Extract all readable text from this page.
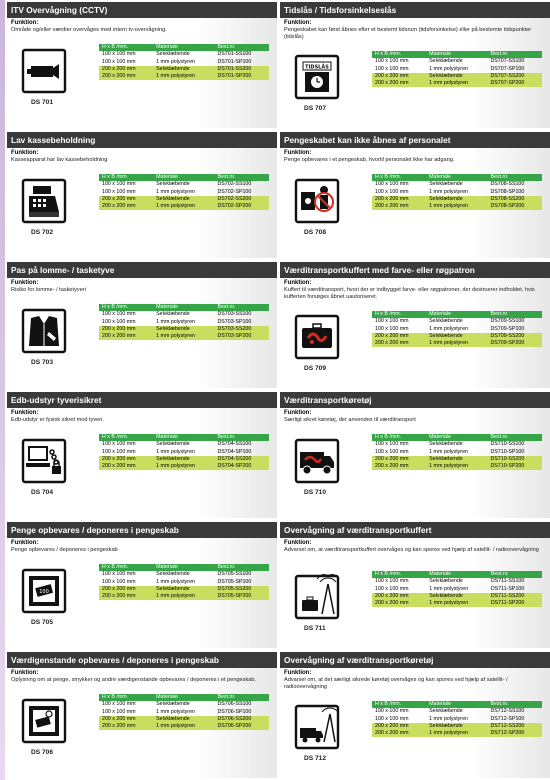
ITV Overvågning (CCTV)
Funktion:
Område og/eller værdier overvåges med intern tv-overvågning.
DS 701
H x B /mm.	Materiale	Best.nr.
100 x 100 mm	Selvklæbende	DS701-SS100
100 x 100 mm	1 mm polystyren	DS701-SP100
200 x 200 mm	Selvklæbende	DS701-SS200
200 x 200 mm	1 mm polystyren	DS701-SP200
Tidslås / Tidsforsinkelseslås
Funktion:
Pengeskabet kan først åbnes efter et bestemt tidsrum (tidsforsinkelse) eller på bestemte tidspunkter (tidslås)
TIDSLÅS
DS 707
H x B /mm.	Materiale	Best.nr.
100 x 100 mm	Selvklæbende	DS707-SS100
100 x 100 mm	1 mm polystyren	DS707-SP100
200 x 200 mm	Selvklæbende	DS707-SS200
200 x 200 mm	1 mm polystyren	DS707-SP200
Lav kassebeholdning
Funktion:
Kasseapparat har lav kassebeholdning
DS 702
H x B /mm.	Materiale	Best.nr.
100 x 100 mm	Selvklæbende	DS702-SS100
100 x 100 mm	1 mm polystyren	DS702-SP100
200 x 200 mm	Selvklæbende	DS702-SS200
200 x 200 mm	1 mm polystyren	DS702-SP200
Pengeskabet kan ikke åbnes af personalet
Funktion:
Penge opbevares i et pengeskab, hvortil personalet ikke har adgang.
DS 708
H x B /mm.	Materiale	Best.nr.
100 x 100 mm	Selvklæbende	DS708-SS100
100 x 100 mm	1 mm polystyren	DS708-SP100
200 x 200 mm	Selvklæbende	DS708-SS200
200 x 200 mm	1 mm polystyren	DS708-SP200
Pas på lomme- / tasketyve
Funktion:
Risiko for lomme- / tasketyveri
DS 703
H x B /mm.	Materiale	Best.nr.
100 x 100 mm	Selvklæbende	DS703-SS100
100 x 100 mm	1 mm polystyren	DS703-SP100
200 x 200 mm	Selvklæbende	DS703-SS200
200 x 200 mm	1 mm polystyren	DS703-SP200
Værditransportkuffert med farve- eller røgpatron
Funktion:
Kuffert til værditransport, hvori der er indbygget farve- eller røgpatroner, der destruerer indholdet, hvis kufferten forsøges åbnet uautoriseret.
DS 709
H x B /mm.	Materiale	Best.nr.
100 x 100 mm	Selvklæbende	DS709-SS100
100 x 100 mm	1 mm polystyren	DS709-SP100
200 x 200 mm	Selvklæbende	DS709-SS200
200 x 200 mm	1 mm polystyren	DS709-SP200
Edb-udstyr tyverisikret
Funktion:
Edb-udstyr er fysisk sikret mod tyveri.
DS 704
H x B /mm.	Materiale	Best.nr.
100 x 100 mm	Selvklæbende	DS704-SS100
100 x 100 mm	1 mm polystyren	DS704-SP100
200 x 200 mm	Selvklæbende	DS704-SS200
200 x 200 mm	1 mm polystyren	DS704-SP200
Værditransportkøretøj
Funktion:
Særligt sikret køretøj, der anvendes til værditransport
DS 710
H x B /mm.	Materiale	Best.nr.
100 x 100 mm	Selvklæbende	DS710-SS100
100 x 100 mm	1 mm polystyren	DS710-SP100
200 x 200 mm	Selvklæbende	DS710-SS200
200 x 200 mm	1 mm polystyren	DS710-SP200
Penge opbevares / deponeres i pengeskab
Funktion:
Penge opbevares / deponeres i pengeskab
100
DS 705
H x B /mm.	Materiale	Best.nr.
100 x 100 mm	Selvklæbende	DS705-SS100
100 x 100 mm	1 mm polystyren	DS705-SP100
200 x 200 mm	Selvklæbende	DS705-SS200
200 x 200 mm	1 mm polystyren	DS705-SP200
Overvågning af værditransportkuffert
Funktion:
Advarsel om, at værditransportkuffert overvåges og kan spores ved hjælp af satellit- / radioovervågning
DS 711
H x B /mm.	Materiale	Best.nr.
100 x 100 mm	Selvklæbende	DS711-SS100
100 x 100 mm	1 mm polystyren	DS711-SP100
200 x 200 mm	Selvklæbende	DS711-SS200
200 x 200 mm	1 mm polystyren	DS711-SP200
Værdigenstande opbevares / deponeres i pengeskab
Funktion:
Oplysning om at penge, smykker og andre værdigenstande opbevares / deponeres i et pengeskab.
DS 706
H x B /mm.	Materiale	Best.nr.
100 x 100 mm	Selvklæbende	DS706-SS100
100 x 100 mm	1 mm polystyren	DS706-SP100
200 x 200 mm	Selvklæbende	DS706-SS200
200 x 200 mm	1 mm polystyren	DS706-SP200
Overvågning af værditransportkøretøj
Funktion:
Advarsel om, at det særligt sikrede køretøj overvåges og kan spores ved hjælp af satellit- / radioovervågning
DS 712
H x B /mm.	Materiale	Best.nr.
100 x 100 mm	Selvklæbende	DS712-SS100
100 x 100 mm	1 mm polystyren	DS712-SP100
200 x 200 mm	Selvklæbende	DS712-SS200
200 x 200 mm	1 mm polystyren	DS712-SP200
